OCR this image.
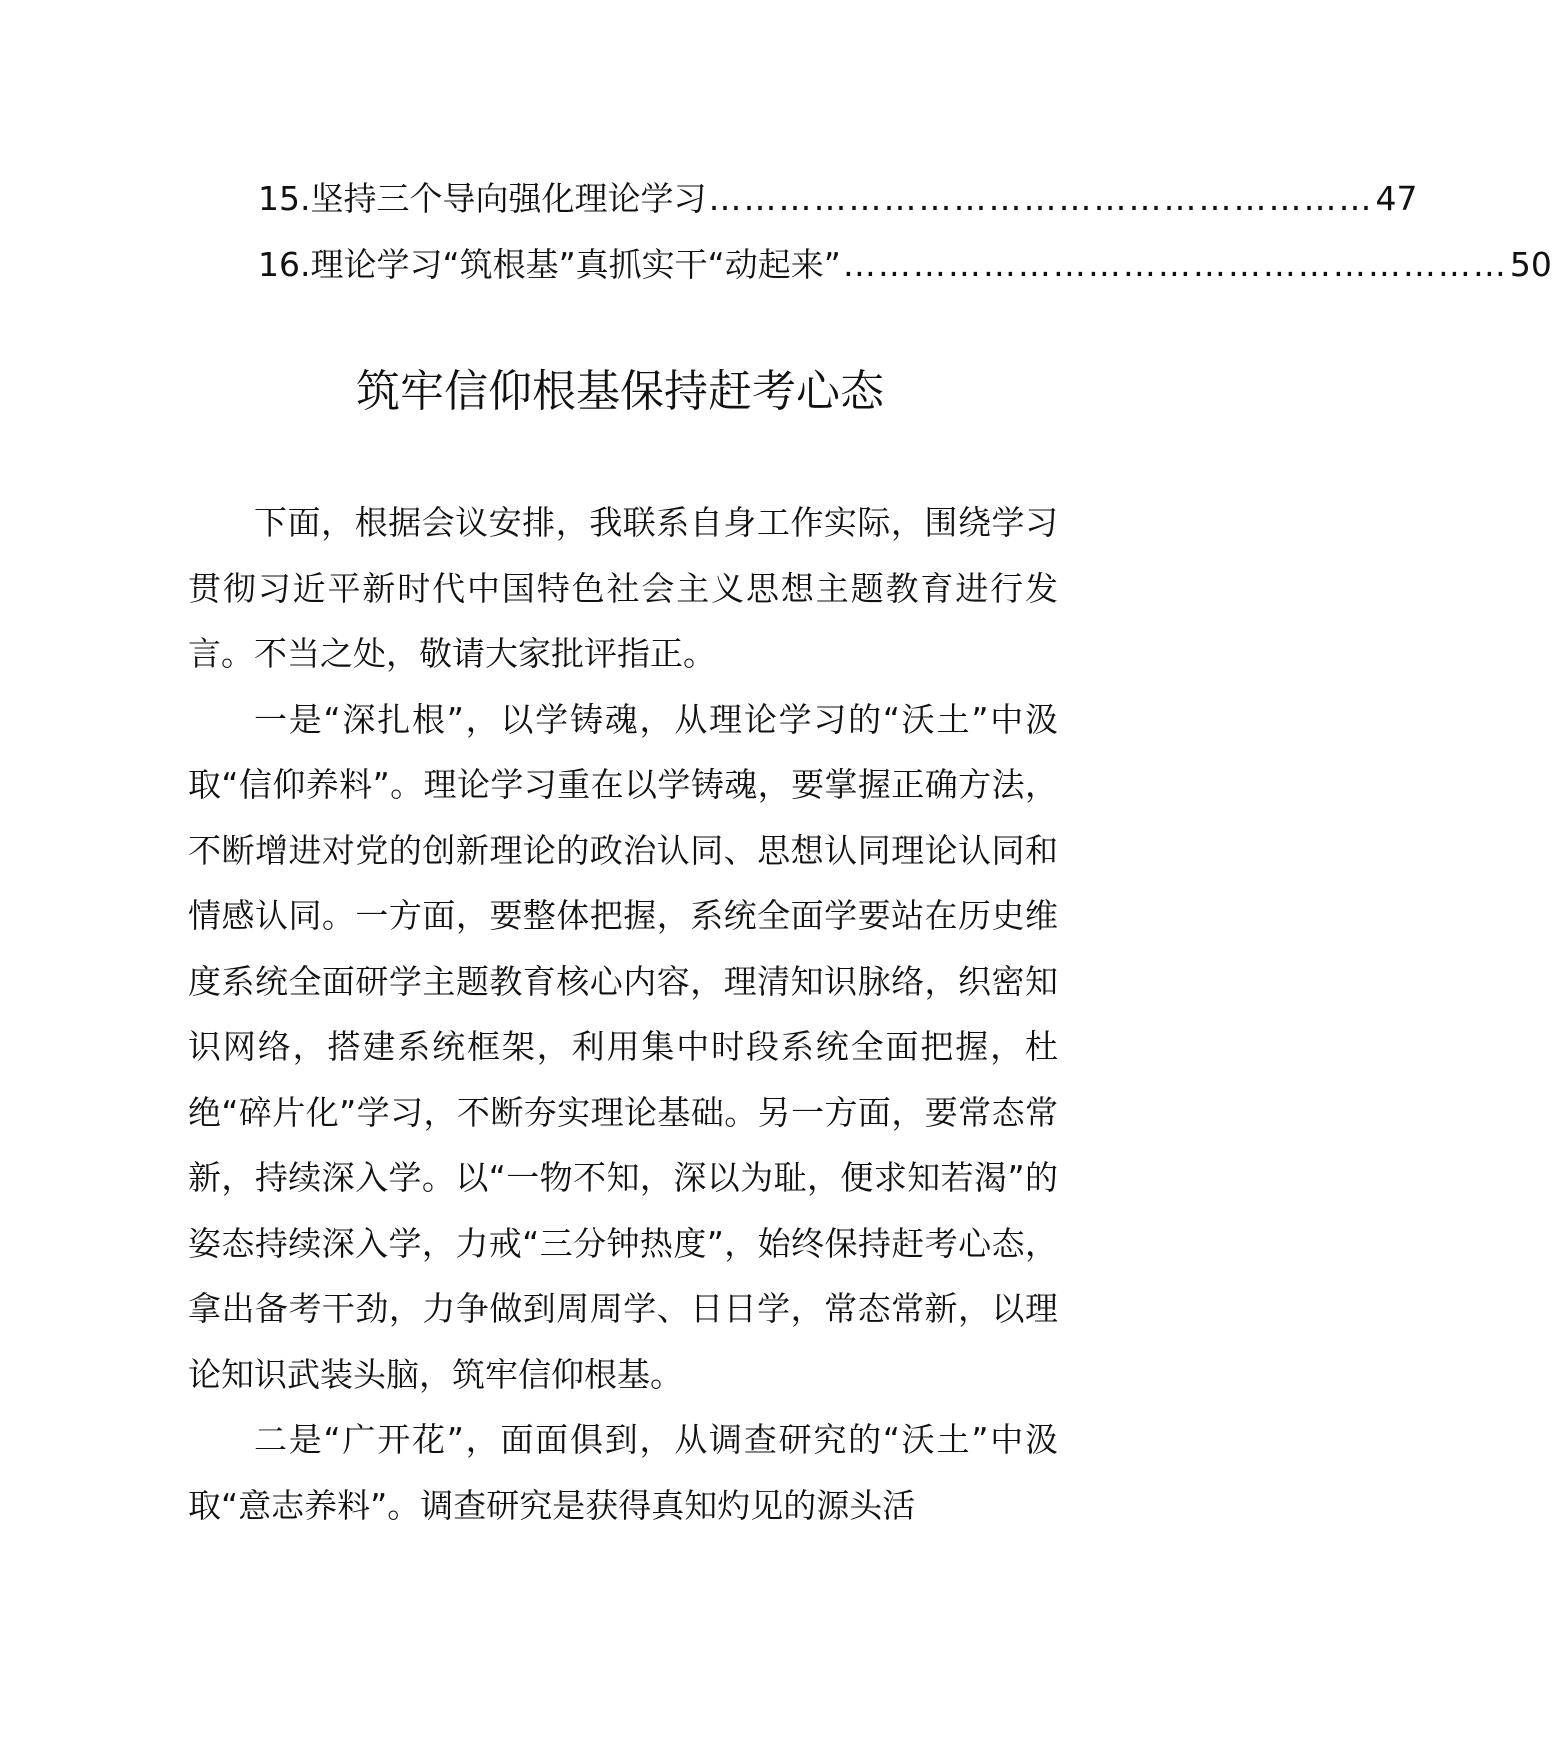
15.坚持三个导向强化理论学习 ………………………………………………… 47
16.理论学习“筑根基”真抓实干“动起来” ………………………………………………… 50
筑牢信仰根基保持赶考心态

下面，根据会议安排，我联系自身工作实际，围绕学习贯彻习近平新时代中国特色社会主义思想主题教育进行发言。不当之处，敬请大家批评指正。

一是“深扎根”，以学铸魂，从理论学习的“沃土”中汲取“信仰养料”。理论学习重在以学铸魂，要掌握正确方法，不断增进对党的创新理论的政治认同、思想认同理论认同和情感认同。一方面，要整体把握，系统全面学要站在历史维度系统全面研学主题教育核心内容，理清知识脉络，织密知识网络，搭建系统框架，利用集中时段系统全面把握，杜绝“碎片化”学习，不断夯实理论基础。另一方面，要常态常新，持续深入学。以“一物不知，深以为耻，便求知若渴”的姿态持续深入学，力戒“三分钟热度”，始终保持赶考心态，拿出备考干劲，力争做到周周学、日日学，常态常新，以理论知识武装头脑，筑牢信仰根基。

二是“广开花”，面面俱到，从调查研究的“沃土”中汲取“意志养料”。调查研究是获得真知灼见的源头活
